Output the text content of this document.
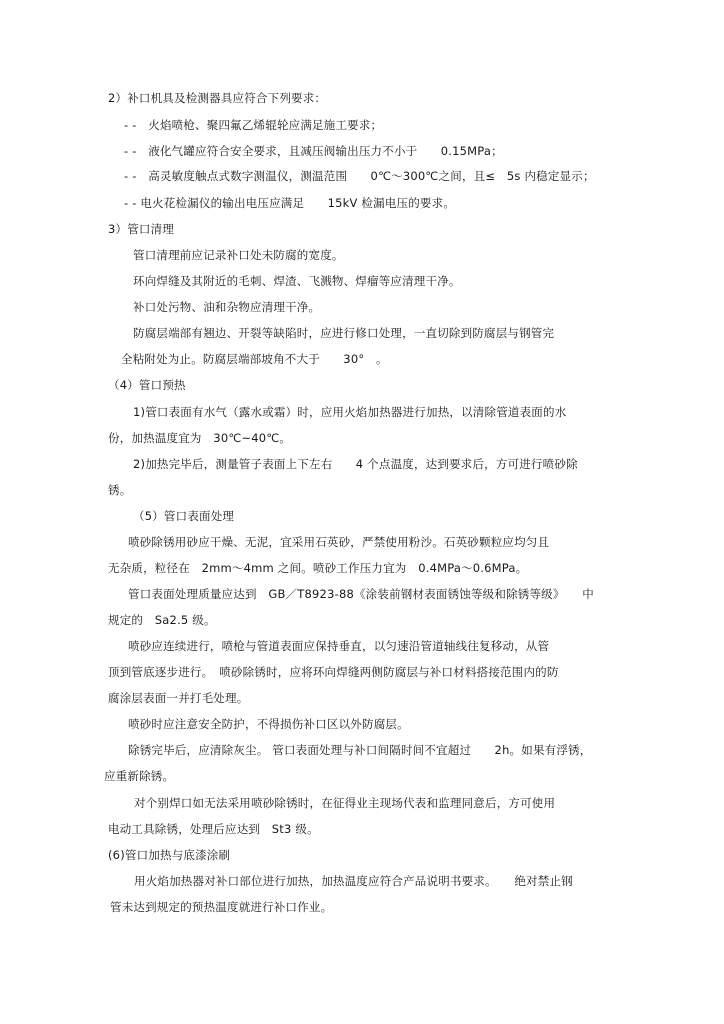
2）补口机具及检测器具应符合下列要求：
- -　火焰喷枪、聚四氟乙烯辊轮应满足施工要求；
- -　液化气罐应符合安全要求，且减压阀输出压力不小于　　0.15MPa；
- -　高灵敏度触点式数字测温仪，测温范围　　0℃～300℃之间，且≤　5s 内稳定显示；
- - 电火花检漏仪的输出电压应满足　　15kV 检漏电压的要求。
3）管口清理
管口清理前应记录补口处未防腐的宽度。
环向焊缝及其附近的毛刺、焊渣、飞溅物、焊瘤等应清理干净。
补口处污物、油和杂物应清理干净。
防腐层端部有翘边、开裂等缺陷时，应进行修口处理，一直切除到防腐层与钢管完
全粘附处为止。防腐层端部坡角不大于　　30°　。
（4）管口预热
1)管口表面有水气（露水或霜）时，应用火焰加热器进行加热，以清除管道表面的水
份，加热温度宜为　30℃~40℃。
2)加热完毕后，测量管子表面上下左右　　4 个点温度，达到要求后，方可进行喷砂除
锈。
（5）管口表面处理
喷砂除锈用砂应干燥、无泥，宜采用石英砂，严禁使用粉沙。石英砂颗粒应均匀且
无杂质，粒径在　2mm～4mm 之间。喷砂工作压力宜为　0.4MPa～0.6MPa。
管口表面处理质量应达到　GB／T8923-88《涂装前钢材表面锈蚀等级和除锈等级》　　中
规定的　Sa2.5 级。
喷砂应连续进行，喷枪与管道表面应保持垂直，以匀速沿管道轴线往复移动，从管
顶到管底逐步进行。　喷砂除锈时，应将环向焊缝两侧防腐层与补口材料搭接范围内的防
腐涂层表面一并打毛处理。
喷砂时应注意安全防护，不得损伤补口区以外防腐层。
除锈完毕后，应清除灰尘。 管口表面处理与补口间隔时间不宜超过　　2h。如果有浮锈，
应重新除锈。
对个别焊口如无法采用喷砂除锈时，在征得业主现场代表和监理同意后，方可使用
电动工具除锈，处理后应达到　St3 级。
(6)管口加热与底漆涂刷
用火焰加热器对补口部位进行加热，加热温度应符合产品说明书要求。　　绝对禁止钢
管未达到规定的预热温度就进行补口作业。
